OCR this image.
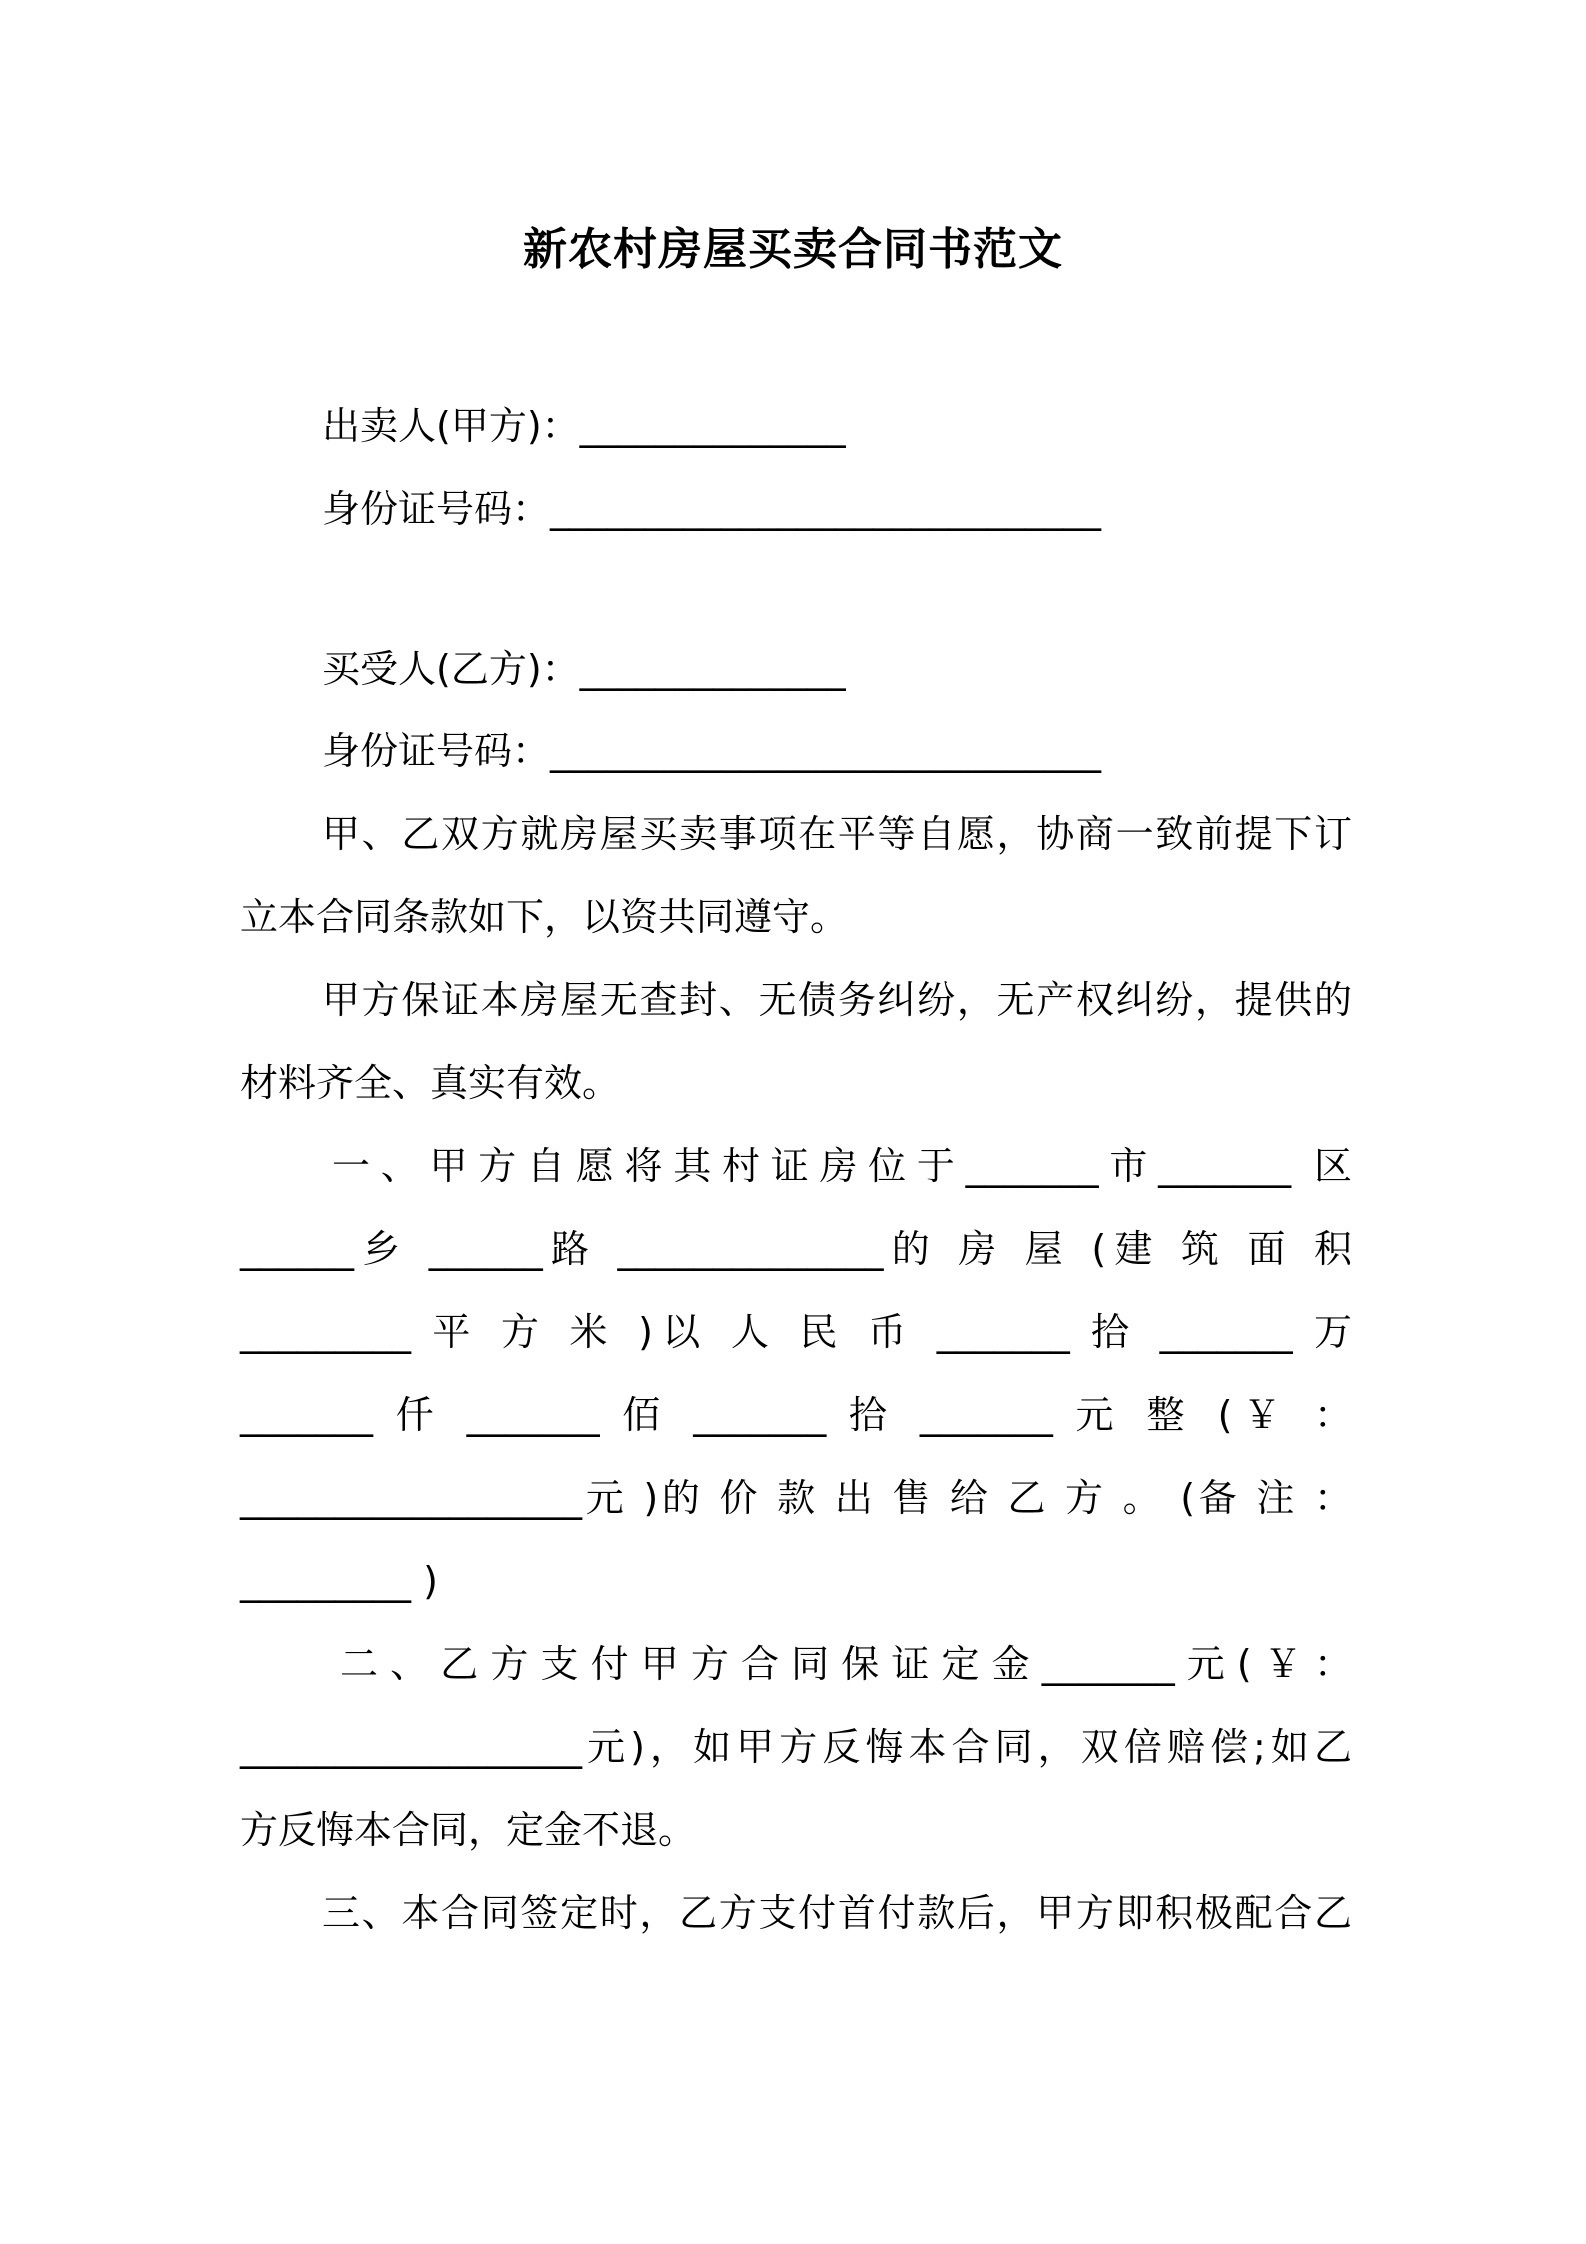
新农村房屋买卖合同书范文
出卖人(甲方)：______________
身份证号码：_____________________________
买受人(乙方)：______________
身份证号码：_____________________________
甲、乙双方就房屋买卖事项在平等自愿，协商一致前提下订
立本合同条款如下，以资共同遵守。
甲方保证本房屋无查封、无债务纠纷，无产权纠纷，提供的
材料齐全、真实有效。
一、甲方自愿将其村证房位于_______市_______ 区
______乡 ______路 ______________的 房 屋 (建 筑 面 积
_________ 平 方 米 )以 人 民 币 _______ 拾 _______ 万
_______ 仟 _______ 佰 _______ 拾 _______ 元 整 (￥ ：
__________________元 )的 价 款 出 售 给 乙 方 。 (备 注 ：
_________ )
二、乙方支付甲方合同保证定金_______元(￥：
__________________元)，如甲方反悔本合同，双倍赔偿;如乙
方反悔本合同，定金不退。
三、本合同签定时，乙方支付首付款后，甲方即积极配合乙
